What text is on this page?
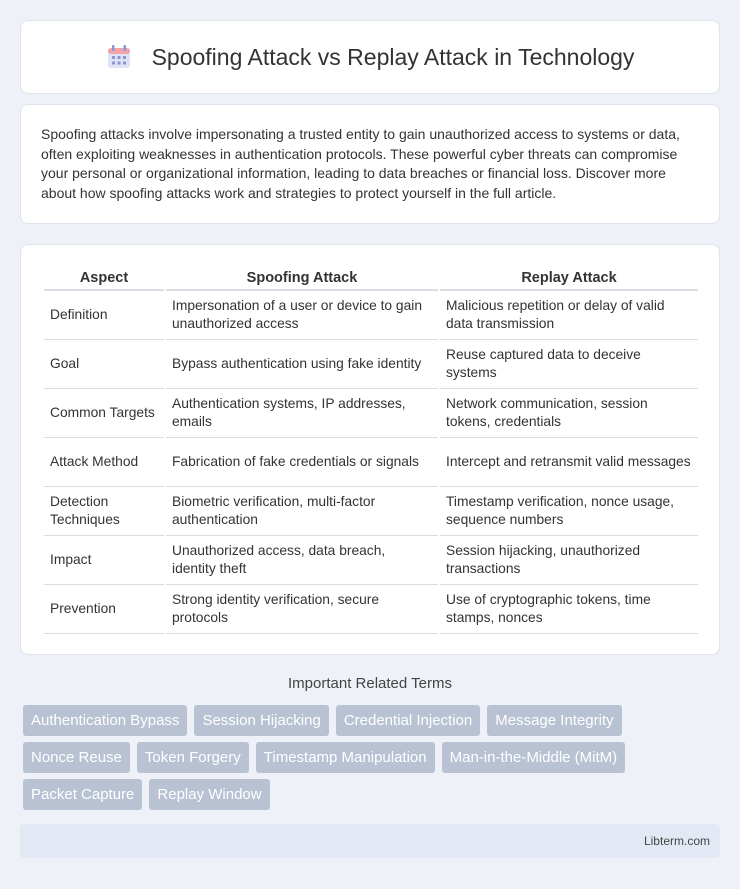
Spoofing Attack vs Replay Attack in Technology

Spoofing attacks involve impersonating a trusted entity to gain unauthorized access to systems or data, often exploiting weaknesses in authentication protocols. These powerful cyber threats can compromise your personal or organizational information, leading to data breaches or financial loss. Discover more about how spoofing attacks work and strategies to protect yourself in the full article.

Aspect	Spoofing Attack	Replay Attack
Definition	Impersonation of a user or device to gain unauthorized access	Malicious repetition or delay of valid data transmission
Goal	Bypass authentication using fake identity	Reuse captured data to deceive systems
Common Targets	Authentication systems, IP addresses, emails	Network communication, session tokens, credentials
Attack Method	Fabrication of fake credentials or signals	Intercept and retransmit valid messages
Detection Techniques	Biometric verification, multi-factor authentication	Timestamp verification, nonce usage, sequence numbers
Impact	Unauthorized access, data breach, identity theft	Session hijacking, unauthorized transactions
Prevention	Strong identity verification, secure protocols	Use of cryptographic tokens, time stamps, nonces
Important Related Terms
Authentication Bypass	Session Hijacking	Credential Injection	Message Integrity
Nonce Reuse	Token Forgery	Timestamp Manipulation	Man-in-the-Middle (MitM)
Packet Capture	Replay Window
Libterm.com
